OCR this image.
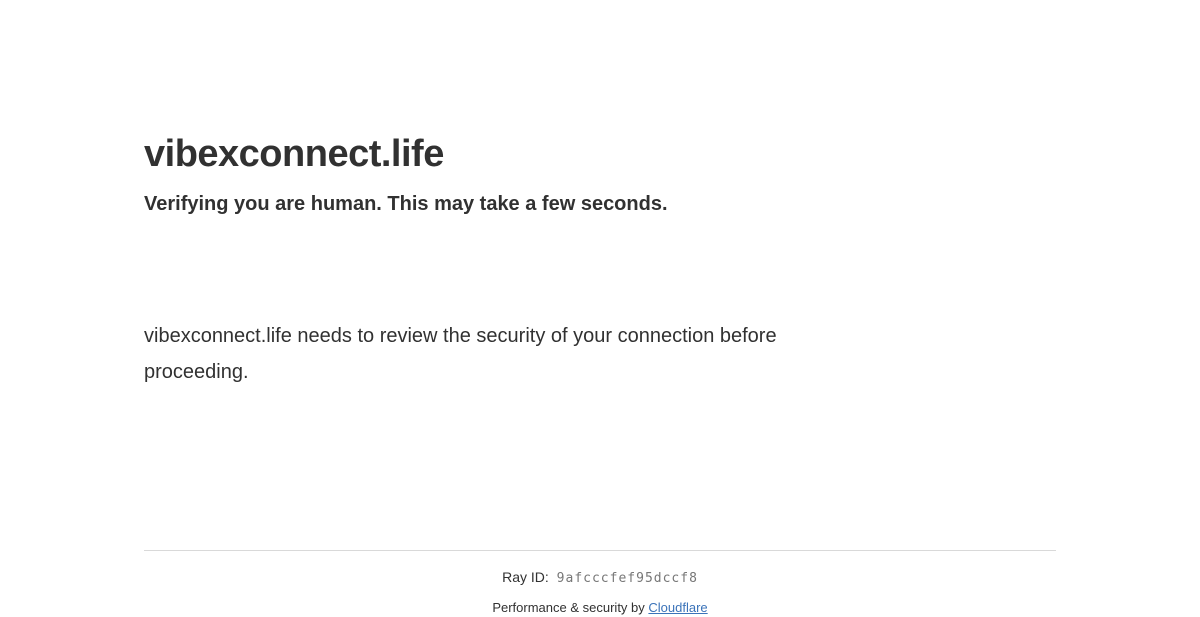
vibexconnect.life
Verifying you are human. This may take a few seconds.

vibexconnect.life needs to review the security of your connection before
proceeding.

Ray ID: 9afcccfef95dccf8
Performance & security by Cloudflare
